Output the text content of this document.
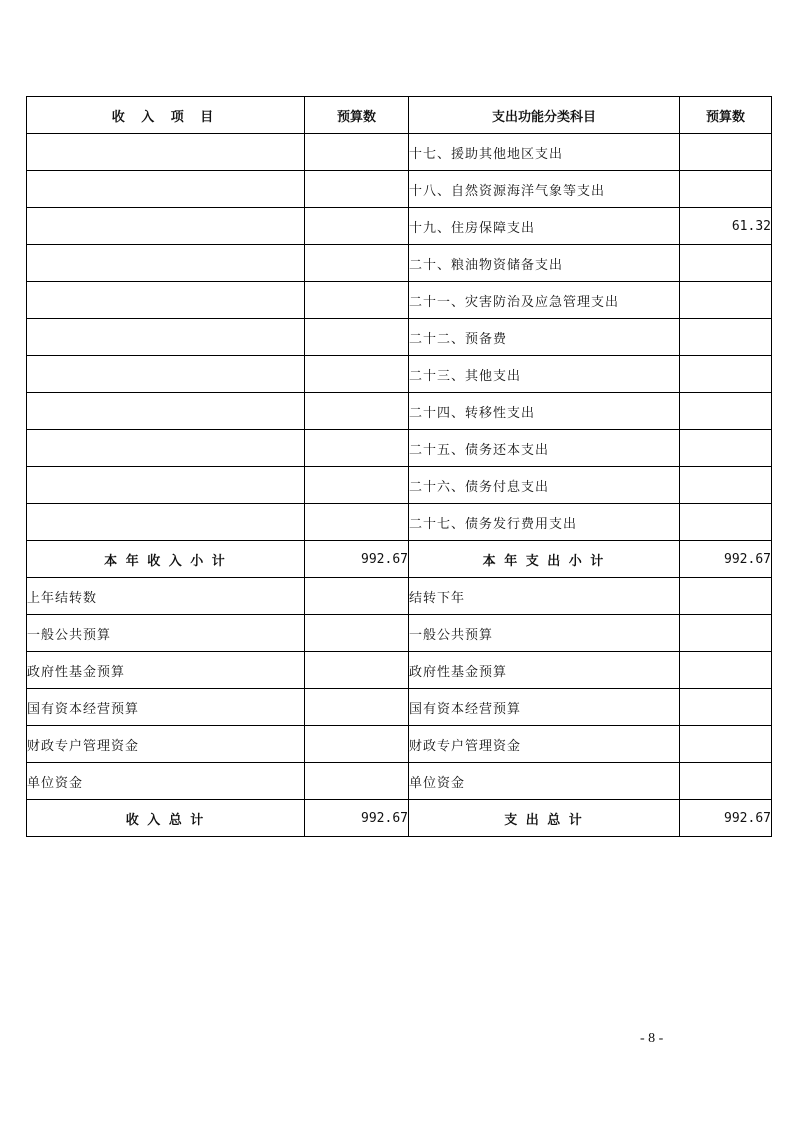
收 入 项 目	预算数	支出功能分类科目	预算数
		十七、援助其他地区支出	
		十八、自然资源海洋气象等支出	
		十九、住房保障支出	61.32
		二十、粮油物资储备支出	
		二十一、灾害防治及应急管理支出	
		二十二、预备费	
		二十三、其他支出	
		二十四、转移性支出	
		二十五、债务还本支出	
		二十六、债务付息支出	
		二十七、债务发行费用支出	
本 年 收 入 小 计	992.67	本 年 支 出 小 计	992.67
上年结转数		结转下年	
一般公共预算		一般公共预算	
政府性基金预算		政府性基金预算	
国有资本经营预算		国有资本经营预算	
财政专户管理资金		财政专户管理资金	
单位资金		单位资金	
收 入 总 计	992.67	支 出 总 计	992.67
- 8 -
